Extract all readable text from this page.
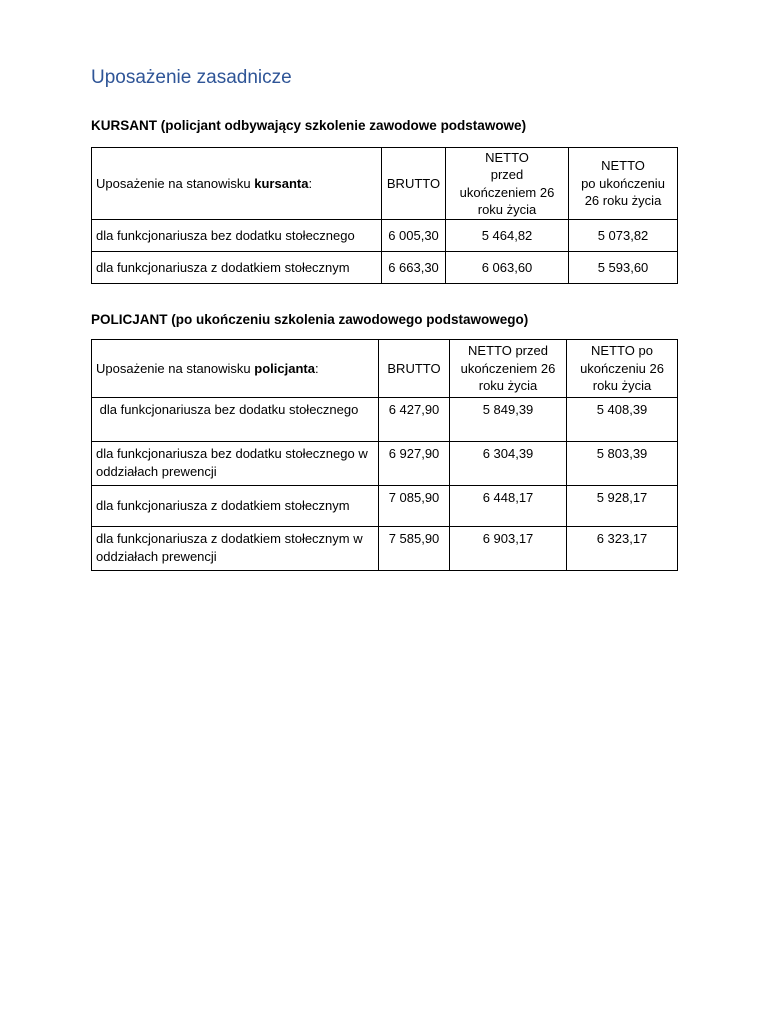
Uposażenie zasadnicze
KURSANT (policjant odbywający szkolenie zawodowe podstawowe)
Uposażenie na stanowisku kursanta:	BRUTTO	NETTO
przed
ukończeniem 26
roku życia	NETTO
po ukończeniu
26 roku życia
dla funkcjonariusza bez dodatku stołecznego	6 005,30	5 464,82	5 073,82
dla funkcjonariusza z dodatkiem stołecznym	6 663,30	6 063,60	5 593,60
POLICJANT (po ukończeniu szkolenia zawodowego podstawowego)
Uposażenie na stanowisku policjanta:	BRUTTO	NETTO przed
ukończeniem 26
roku życia	NETTO po
ukończeniu 26
roku życia
dla funkcjonariusza bez dodatku stołecznego	6 427,90	5 849,39	5 408,39
dla funkcjonariusza bez dodatku stołecznego w oddziałach prewencji	6 927,90	6 304,39	5 803,39
dla funkcjonariusza z dodatkiem stołecznym	7 085,90	6 448,17	5 928,17
dla funkcjonariusza z dodatkiem stołecznym w oddziałach prewencji	7 585,90	6 903,17	6 323,17
